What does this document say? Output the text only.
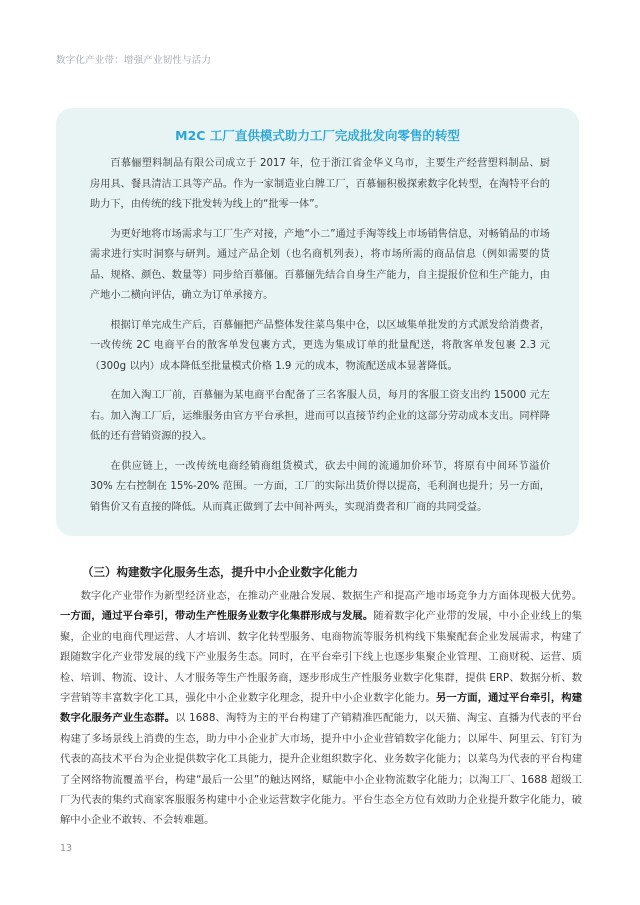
数字化产业带：增强产业韧性与活力
M2C 工厂直供模式助力工厂完成批发向零售的转型

百慕俪塑料制品有限公司成立于 2017 年，位于浙江省金华义乌市，主要生产经营塑料制品、厨房用具、餐具清洁工具等产品。作为一家制造业白牌工厂，百慕俪积极探索数字化转型，在淘特平台的助力下，由传统的线下批发转为线上的“批零一体”。

为更好地将市场需求与工厂生产对接，产地“小二”通过手淘等线上市场销售信息，对畅销品的市场需求进行实时洞察与研判。通过产品企划（也名商机列表），将市场所需的商品信息（例如需要的货品、规格、颜色、数量等）同步给百慕俪。百慕俪先结合自身生产能力，自主提报价位和生产能力，由产地小二横向评估，确立为订单承接方。

根据订单完成生产后，百慕俪把产品整体发往菜鸟集中仓，以区域集单批发的方式派发给消费者，一改传统 2C 电商平台的散客单发包裹方式，更选为集成订单的批量配送，将散客单发包裹 2.3 元（300g 以内）成本降低至批量模式价格 1.9 元的成本，物流配送成本显著降低。

在加入淘工厂前，百慕俪为某电商平台配备了三名客服人员，每月的客服工资支出约 15000 元左右。加入淘工厂后，运维服务由官方平台承担，进而可以直接节约企业的这部分劳动成本支出。同样降低的还有营销资源的投入。

在供应链上，一改传统电商经销商组货模式，砍去中间的流通加价环节，将原有中间环节溢价 30% 左右控制在 15%-20% 范围。一方面，工厂的实际出货价得以提高，毛利润也提升；另一方面，销售价又有直接的降低。从而真正做到了去中间补两头，实现消费者和厂商的共同受益。

（三）构建数字化服务生态，提升中小企业数字化能力

数字化产业带作为新型经济业态，在推动产业融合发展、数据生产和提高产地市场竞争力方面体现极大优势。一方面，通过平台牵引，带动生产性服务业数字化集群形成与发展。随着数字化产业带的发展，中小企业线上的集聚，企业的电商代理运营、人才培训、数字化转型服务、电商物流等服务机构线下集聚配套企业发展需求，构建了跟随数字化产业带发展的线下产业服务生态。同时，在平台牵引下线上也逐步集聚企业管理、工商财税、运营、质检、培训、物流、设计、人才服务等生产性服务商，逐步形成生产性服务业数字化集群，提供 ERP、数据分析、数字营销等丰富数字化工具，强化中小企业数字化理念，提升中小企业数字化能力。另一方面，通过平台牵引，构建数字化服务产业生态群。以 1688、淘特为主的平台构建了产销精准匹配能力，以天猫、淘宝、直播为代表的平台构建了多场景线上消费的生态，助力中小企业扩大市场，提升中小企业营销数字化能力；以犀牛、阿里云、钉钉为代表的高技术平台为企业提供数字化工具能力，提升企业组织数字化、业务数字化能力；以菜鸟为代表的平台构建了全网络物流覆盖平台，构建“最后一公里”的触达网络，赋能中小企业物流数字化能力；以淘工厂、1688 超级工厂为代表的集约式商家客服服务构建中小企业运营数字化能力。平台生态全方位有效助力企业提升数字化能力，破解中小企业不敢转、不会转难题。

13
